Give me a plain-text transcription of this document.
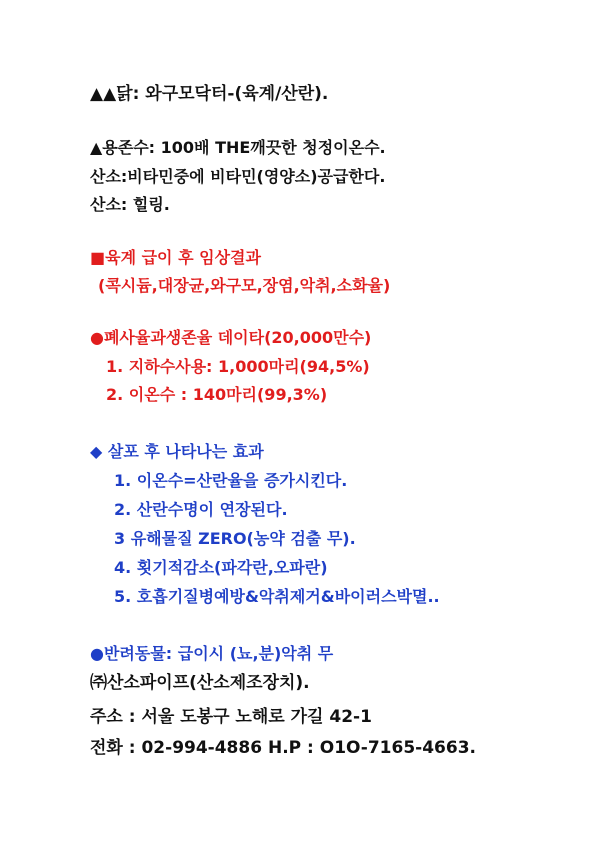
▲▲닭: 와구모닥터-(육계/산란).
▲용존수: 100배 THE깨끗한 청정이온수.
산소:비타민중에 비타민(영양소)공급한다.
산소: 힐링.
■육계 급이 후 임상결과
(콕시듐,대장균,와구모,장염,악취,소화율)
●폐사율과생존율 데이타(20,000만수)
1. 지하수사용: 1,000마리(94,5%)
2. 이온수 : 140마리(99,3%)
◆ 살포 후 나타나는 효과
1. 이온수=산란율을 증가시킨다.
2. 산란수명이 연장된다.
3 유해물질 ZERO(농약 검출 무).
4. 횟기적감소(파각란,오파란)
5. 호흡기질병예방&악취제거&바이러스박멸..
●반려동물: 급이시 (뇨,분)악취 무
㈜산소파이프(산소제조장치).
주소 : 서울 도봉구 노해로 가길 42-1
전화 : 02-994-4886 H.P : O1O-7165-4663.
